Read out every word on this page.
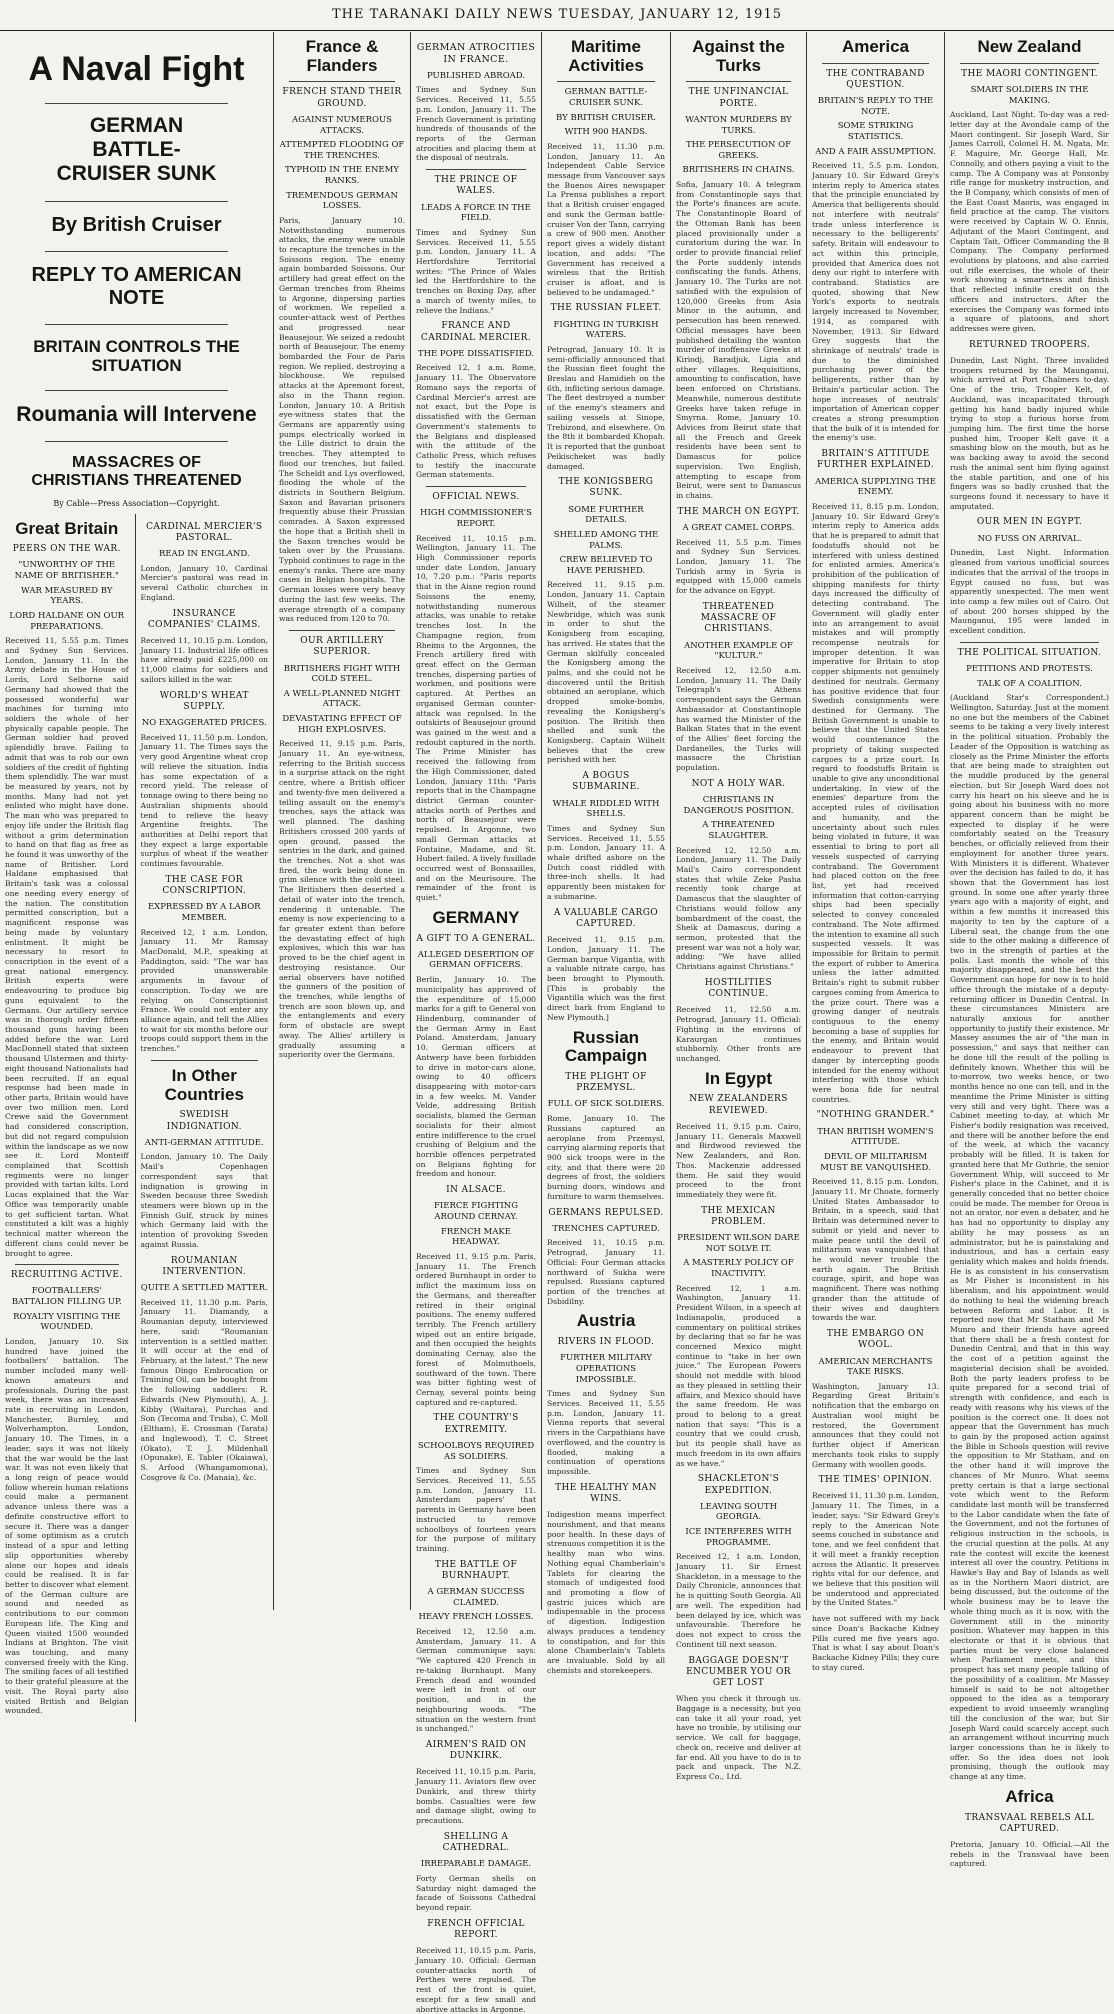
THE TARANAKI DAILY NEWS TUESDAY, JANUARY 12, 1915
A Naval Fight
GERMAN BATTLE-CRUISER SUNK
By British Cruiser
REPLY TO AMERICAN NOTE
BRITAIN CONTROLS THE SITUATION
Roumania will Intervene
MASSACRES OF CHRISTIANS THREATENED
By Cable—Press Association—Copyright.
Great Britain
PEERS ON THE WAR.
"UNWORTHY OF THE NAME OF BRITISHER."
WAR MEASURED BY YEARS.
LORD HALDANE ON OUR PREPARATIONS.

Received 11, 5.55 p.m. Times and Sydney Sun Services. London, January 11. In the Army debate in the House of Lords, Lord Selborne said Germany had showed that the possessed wonderful war machines for turning into soldiers the whole of her physically capable people. The German soldier had proved splendidly brave. Failing to admit that was to rob our own soldiers of the credit of fighting them splendidly. The war must be measured by years, not by months. Many had not yet enlisted who might have done. The man who was prepared to enjoy life under the British flag without a grim determination to hand on that flag as free as he found it was unworthy of the name of Britisher. Lord Haldane emphasised that Britain's task was a colossal one needing every energy of the nation. The constitution permitted conscription, but a magnificent response was being made by voluntary enlistment. It might be necessary to resort to conscription in the event of a great national emergency. British experts were endeavouring to produce big guns equivalent to the Germans. Our artillery service was in thorough order fifteen thousand guns having been added before the war. Lord MacDonnell stated that sixteen thousand Ulstermen and thirty-eight thousand Nationalists had been recruited. If an equal response had been made in other parts, Britain would have over two million men. Lord Crewe said the Government had considered conscription, but did not regard compulsion within the landscape as we now see it. Lord Monteiff complained that Scottish regiments were no longer provided with tartan kilts. Lord Lucas explained that the War Office was temporarily unable to get sufficient tartan. What constituted a kilt was a highly technical matter whereon the different clans could never be brought to agree.

RECRUITING ACTIVE.
FOOTBALLERS' BATTALION FILLING UP.
ROYALTY VISITING THE WOUNDED.

London, January 10. Six hundred have joined the footballers' battalion. The number included many well-known amateurs and professionals. During the past week, there was an increased rate in recruiting in London, Manchester, Burnley, and Wolverhampton. London, January 10. The Times, in a leader, says it was not likely that the war would be the last war. It was not even likely that a long reign of peace would follow wherein human relations could make a permanent advance unless there was a definite constructive effort to secure it. There was a danger of some optimism as a crutch instead of a spur and letting slip opportunities whereby alone our hopes and ideals could be realised. It is far better to discover what element of the German culture are sound and needed as contributions to our common European life. The King and Queen visited 1500 wounded Indians at Brighton. The visit was touching, and many conversed freely with the King. The smiling faces of all testified to their grateful pleasure at the visit. The Royal party also visited British and Belgian wounded.

CARDINAL MERCIER'S PASTORAL.
READ IN ENGLAND.

London, January 10. Cardinal Mercier's pastoral was read in several Catholic churches in England.

INSURANCE COMPANIES' CLAIMS.

Received 11, 10.15 p.m. London, January 11. Industrial life offices have already paid £225,000 on 11,000 claims for soldiers and sailors killed in the war.

WORLD'S WHEAT SUPPLY.
NO EXAGGERATED PRICES.

Received 11, 11.50 p.m. London, January 11. The Times says the very good Argentine wheat crop will relieve the situation. India has some expectation of a record yield. The release of tonnage owing to there being no Australian shipments should tend to relieve the heavy Argentine freights. The authorities at Delhi report that they expect a large exportable surplus of wheat if the weather continues favourable.

THE CASE FOR CONSCRIPTION.
EXPRESSED BY A LABOR MEMBER.

Received 12, 1 a.m. London, January 11. Mr Ramsay MacDonald, M.P., speaking at Paddington, said: "The war has provided unanswerable arguments in favour of conscription. To-day we are relying on Conscriptionist France. We could not enter any alliance again, and tell the Allies to wait for six months before our troops could support them in the trenches."

In Other Countries
SWEDISH INDIGNATION.
ANTI-GERMAN ATTITUDE.

London, January 10. The Daily Mail's Copenhagen correspondent says that indignation is growing in Sweden because three Swedish steamers were blown up in the Finnish Gulf, struck by mines which Germany laid with the intention of provoking Sweden against Russia.

ROUMANIAN INTERVENTION.
QUITE A SETTLED MATTER.

Received 11, 11.30 p.m. Paris, January 11. Diamandy, a Roumanian deputy, interviewed here, said: "Roumanian intervention is a settled matter. It will occur at the end of February, at the latest." The new famous Dingo Embrocation or Training Oil, can be bought from the following saddlers: R. Edwards (New Plymouth), A. J. Kibby (Waitara), Purchas and Son (Tecoma and Truba), C. Moll (Eltham), E. Crossman (Tarata) and Inglewood), T. C. Street (Okato), T. J. Mildenhall (Opunake), E. Tabler (Okaiawa), S. Arfood (Whangamomona), Cosgrove & Co. (Manaia), &c.

France & Flanders
FRENCH STAND THEIR GROUND.
AGAINST NUMEROUS ATTACKS.
ATTEMPTED FLOODING OF THE TRENCHES.
TYPHOID IN THE ENEMY RANKS.
TREMENDOUS GERMAN LOSSES.

Paris, January 10. Notwithstanding numerous attacks, the enemy were unable to recapture the trenches in the Soissons region. The enemy again bombarded Soissons. Our artillery had great effect on the German trenches from Rheims to Argonne, dispersing parties of workmen. We repelled a counter-attack west of Perthes and progressed near Beausejour. We seized a redoubt north of Beausejour. The enemy bombarded the Four de Paris region. We replied, destroying a blockhouse. We repulsed attacks at the Apremont forest, also in the Thann region. London, January 10. A British eye-witness states that the Germans are apparently using pumps electrically worked in the Lille district to drain the trenches. They attempted to flood our trenches, but failed. The Scheldt and Lys overflowed, flooding the whole of the districts in Southern Belgium. Saxon and Bavarian prisoners frequently abuse their Prussian comrades. A Saxon expressed the hope that a British shell in the Saxon trenches would be taken over by the Prussians. Typhoid continues to rage in the enemy's ranks. There are many cases in Belgian hospitals. The German losses were very heavy during the last few weeks. The average strength of a company was reduced from 120 to 70.

OUR ARTILLERY SUPERIOR.
BRITISHERS FIGHT WITH COLD STEEL.
A WELL-PLANNED NIGHT ATTACK.
DEVASTATING EFFECT OF HIGH EXPLOSIVES.

Received 11, 9.15 p.m. Paris, January 11. An eye-witness, referring to the British success in a surprise attack on the right centre, where a British officer and twenty-five men delivered a telling assault on the enemy's trenches, says the attack was well planned. The dashing Britishers crossed 200 yards of open ground, passed the sentries in the dark, and gained the trenches. Not a shot was fired, the work being done in grim silence with the cold steel. The Britishers then deserted a detail of water into the trench, rendering it untenable. The enemy is now experiencing to a far greater extent than before the devastating effect of high explosives, which this war has proved to be the chief agent in destroying resistance. Our aerial observers have notified the gunners of the position of the trenches, while lengths of trench are soon blown up, and the entanglements and every form of obstacle are swept away. The Allies' artillery is gradually assuming a superiority over the Germans.

GERMAN ATROCITIES IN FRANCE.
PUBLISHED ABROAD.

Times and Sydney Sun Services. Received 11, 5.55 p.m. London, January 11. The French Government is printing hundreds of thousands of the reports of the German atrocities and placing them at the disposal of neutrals.

THE PRINCE OF WALES.
LEADS A FORCE IN THE FIELD.

Times and Sydney Sun Services. Received 11, 5.55 p.m. London, January 11. A Hertfordshire Territorial writes: "The Prince of Wales led the Hertfordshire to the trenches on Boxing Day, after a march of twenty miles, to relieve the Indians."

FRANCE AND CARDINAL MERCIER.
THE POPE DISSATISFIED.

Received 12, 1 a.m. Rome, January 11. The Observatore Romano says the reports of Cardinal Mercier's arrest are not exact, but the Pope is dissatisfied with the German Government's statements to the Belgians and displeased with the attitude of the Catholic Press, which refuses to testify the inaccurate German statements.

OFFICIAL NEWS.
HIGH COMMISSIONER'S REPORT.

Received 11, 10.15 p.m. Wellington, January 11. The High Commissioner reports under date London, January 10, 7.20 p.m.: "Paris reports that in the Aisne region round Soissons the enemy, notwithstanding numerous attacks, was unable to retake trenches lost. In the Champagne region, from Rheims to the Argonnes, the French artillery fired with great effect on the German trenches, dispersing parties of workmen, and positions were captured. At Perthes an organised German counter-attack was repulsed. In the outskirts of Beausejour ground was gained in the west and a redoubt captured in the north. The Prime Minister has received the following from the High Commissioner, dated London, January 11th: "Paris reports that in the Champagne district German counter-attacks north of Perthes and north of Beausejour were repulsed. In Argonne, two small German attacks at Fontaine, Madame, and St. Hubert failed. A lively fusillade occurred west of Bonssailles, and on the Meurisoure. The remainder of the front is quiet."

GERMANY
A GIFT TO A GENERAL.
ALLEGED DESERTION OF GERMAN OFFICERS.

Berlin, January 10. The municipality has approved of the expenditure of 15,000 marks for a gift to General von Hindenburg, commander of the German Army in East Poland. Amsterdam, January 10. German officers at Antwerp have been forbidden to drive in motor-cars alone, owing to 40 officers disappearing with motor-cars in a few weeks. M. Vander Velde, addressing British socialists, blamed the German socialists for their almost entire indifference to the cruel crushing of Belgium and the horrible offences perpetrated on Belgians fighting for freedom and honour.

IN ALSACE.
FIERCE FIGHTING AROUND CERNAY.
FRENCH MAKE HEADWAY.

Received 11, 9.15 p.m. Paris, January 11. The French ordered Burnhaupt in order to inflict the maximum loss on the Germans, and thereafter retired in their original positions. The enemy suffered terribly. The French artillery wiped out an entire brigade, and then occupied the heights dominating Cernay, also the forest of Molmuthoels, southward of the town. There was bitter fighting west of Cernay, several points being captured and re-captured.

THE COUNTRY'S EXTREMITY.
SCHOOLBOYS REQUIRED AS SOLDIERS.

Times and Sydney Sun Services. Received 11, 5.55 p.m. London, January 11. Amsterdam papers' that parents in Germany have been instructed to remove schoolboys of fourteen years for the purpose of military training.

THE BATTLE OF BURNHAUPT.
A GERMAN SUCCESS CLAIMED.
HEAVY FRENCH LOSSES.

Received 12, 12.50 a.m. Amsterdam, January 11. A German communique says: "We captured 420 French in re-taking Burnhaupt. Many French dead and wounded were left in front of our position, and in the neighbouring woods. "The situation on the western front is unchanged."

AIRMEN'S RAID ON DUNKIRK.

Received 11, 10.15 p.m. Paris, January 11. Aviators flew over Dunkirk, and threw thirty bombs. Casualties were few and damage slight, owing to precautions.

SHELLING A CATHEDRAL.
IRREPARABLE DAMAGE.

Forty German shells on Saturday night damaged the facade of Soissons Cathedral beyond repair.

FRENCH OFFICIAL REPORT.

Received 11, 10.15 p.m. Paris, January 10. Official: German counter-attacks north of Perthes were repulsed. The rest of the front is quiet, except for a few small and abortive attacks in Argonne.

Maritime Activities
GERMAN BATTLE-CRUISER SUNK.
BY BRITISH CRUISER.
WITH 900 HANDS.

Received 11, 11.30 p.m. London, January 11. An Independent Cable Service message from Vancouver says the Buenos Aires newspaper La Prensa publishes a report that a British cruiser engaged and sunk the German battle-cruiser Von der Tann, carrying a crew of 900 men. Another report gives a widely distant location, and adds: "The Government has received a wireless that the British cruiser is afloat, and is believed to be undamaged."

THE RUSSIAN FLEET.
FIGHTING IN TURKISH WATERS.

Petrograd, January 10. It is semi-officially announced that the Russian fleet fought the Breslau and Hamidieh on the 6th, inflicting serious damage. The fleet destroyed a number of the enemy's steamers and sailing vessels at Sinope, Trebizond, and elsewhere. On the 8th it bombarded Khopah. It is reported that the gunboat Peikischeket was badly damaged.

THE KONIGSBERG SUNK.
SOME FURTHER DETAILS.
SHELLED AMONG THE PALMS.
CREW BELIEVED TO HAVE PERISHED.

Received 11, 9.15 p.m. London, January 11. Captain Wilhelt, of the steamer Newbridge, which was sunk in order to shut the Konigsberg from escaping, has arrived. He states that the German skilfully concealed the Konigsberg among the palms, and she could not be discovered until the British obtained an aeroplane, which dropped smoke-bombs, revealing the Konigsberg's position. The British then shelled and sunk the Konigsberg. Captain Wilhelt believes that the crew perished with her.

A BOGUS SUBMARINE.
WHALE RIDDLED WITH SHELLS.

Times and Sydney Sun Services. Received 11, 5.55 p.m. London, January 11. A whale drifted ashore on the Dutch coast riddled with three-inch shells. It had apparently been mistaken for a submarine.

A VALUABLE CARGO CAPTURED.

Received 11, 9.15 p.m. London, January 11. The German barque Vigantia, with a valuable nitrate cargo, has been brought to Plymouth. [This is probably the Vigantilla which was the first direct bark from England to New Plymouth.]

Russian Campaign
THE PLIGHT OF PRZEMYSL.
FULL OF SICK SOLDIERS.

Rome, January 10. The Russians captured an aeroplane from Przemysl, carrying alarming reports that 900 sick troops were in the city, and that there were 20 degrees of frost, the soldiers burning doors, windows and furniture to warm themselves.

GERMANS REPULSED.
TRENCHES CAPTURED.

Received 11, 10.15 p.m. Petrograd, January 11. Official: Four German attacks northward of Sukha were repulsed. Russians captured portion of the trenches at Dsbidilny.

Austria
RIVERS IN FLOOD.
FURTHER MILITARY OPERATIONS IMPOSSIBLE.

Times and Sydney Sun Services. Received 11, 5.55 p.m. London, January 11. Vienna reports that several rivers in the Carpathians have overflowed, and the country is flooded, making a continuation of operations impossible.

THE HEALTHY MAN WINS.

Indigestion means imperfect nourishment, and that means poor health. In these days of strenuous competition it is the healthy man who wins. Nothing equal Chamberlain's Tablets for clearing the stomach of undigested food and promoting a flow of gastric juices which are indispensable in the process of digestion. Indigestion always produces a tendency to constipation, and for this alone Chamberlain's Tablets are invaluable. Sold by all chemists and storekeepers.

Against the Turks
THE UNFINANCIAL PORTE.
WANTON MURDERS BY TURKS.
THE PERSECUTION OF GREEKS.
BRITISHERS IN CHAINS.

Sofia, January 10. A telegram from Constantinople says that the Porte's finances are acute. The Constantinople Board of the Ottoman Bank has been placed provisionally under a curatorium during the war. In order to provide financial relief the Porte suddenly intends confiscating the funds. Athens, January 10. The Turks are not satisfied with the expulsion of 120,000 Greeks from Asia Minor in the autumn, and persecution has been renewed. Official messages have been published detailing the wanton murder of inoffensive Greeks at Kiriodj, Baradjuk, Ligia and other villages. Requisitions, amounting to confiscation, have been enforced on Christians. Meanwhile, numerous destitute Greeks have taken refuge in Smyrna. Rome, January 10. Advices from Beirut state that all the French and Greek residents have been sent to Damascus for police supervision. Two English, attempting to escape from Beirut, were sent to Damascus in chains.

THE MARCH ON EGYPT.
A GREAT CAMEL CORPS.

Received 11, 5.5 p.m. Times and Sydney Sun Services. London, January 11. The Turkish army in Syria is equipped with 15,000 camels for the advance on Egypt.

THREATENED MASSACRE OF CHRISTIANS.
ANOTHER EXAMPLE OF "KULTUR."

Received 12, 12.50 a.m. London, January 11. The Daily Telegraph's Athens correspondent says the German Ambassador at Constantinople has warned the Minister of the Balkan States that in the event of the Allies' fleet forcing the Dardanelles, the Turks will massacre the Christian population.

NOT A HOLY WAR.
CHRISTIANS IN DANGEROUS POSITION.
A THREATENED SLAUGHTER.

Received 12, 12.50 a.m. London, January 11. The Daily Mail's Cairo correspondent states that while Zeke Pasha recently took charge at Damascus that the slaughter of Christians would follow any bombardment of the coast, the Sheik at Damascus, during a sermon, protested that the present war was not a holy war, adding: "We have allied Christians against Christians."

HOSTILITIES CONTINUE.

Received 11, 12.50 a.m. Petrograd, January 11. Official: Fighting in the environs of Karaurgan continues stubbornly. Other fronts are unchanged.

In Egypt
NEW ZEALANDERS REVIEWED.

Received 11, 9.15 p.m. Cairo, January 11. Generals Maxwell and Birdwood reviewed the New Zealanders, and Ron. Thos. Mackenzie addressed them. He said they would proceed to the front immediately they were fit.

THE MEXICAN PROBLEM.
PRESIDENT WILSON DARE NOT SOLVE IT.
A MASTERLY POLICY OF INACTIVITY.

Received 12, 1 a.m. Washington, January 11. President Wilson, in a speech at Indianapolis, produced a commentary on political strikes by declaring that so far he was concerned Mexico might continue to "take in her own juice." The European Powers should not meddle with blood as they pleased in settling their affairs, and Mexico should have the same freedom. He was proud to belong to a great nation that says: "This is a country that we could crush, but its people shall have as much freedom in its own affairs as we have."

SHACKLETON'S EXPEDITION.
LEAVING SOUTH GEORGIA.
ICE INTERFERES WITH PROGRAMME.

Received 12, 1 a.m. London, January 11. Sir Ernest Shackleton, in a message to the Daily Chronicle, announces that he is quitting South Georgia. All are well. The expedition had been delayed by ice, which was unfavourable. Therefore he does not expect to cross the Continent till next season.

BAGGAGE DOESN'T ENCUMBER YOU OR GET LOST

When you check it through us. Baggage is a necessity, but you can take it all your road, yet have no trouble, by utilising our service. We call for baggage, check on, receive and deliver at far end. All you have to do is to pack and unpack. The N.Z. Express Co., Ltd.

America
THE CONTRABAND QUESTION.
BRITAIN'S REPLY TO THE NOTE.
SOME STRIKING STATISTICS.
AND A FAIR ASSUMPTION.

Received 11, 5.5 p.m. London, January 10. Sir Edward Grey's interim reply to America states that the principle enunciated by America that belligerents should not interfere with neutrals' trade unless interference is necessary to the belligerents' safety. Britain will endeavour to act within this principle, provided that America does not deny our right to interfere with contraband. Statistics are quoted, showing that New York's exports to neutrals largely increased to November, 1914, as compared with November, 1913. Sir Edward Grey suggests that the shrinkage of neutrals' trade is due to the diminished purchasing power of the belligerents, rather than by Britain's particular action. The hope increases of neutrals' importation of American copper creates a strong presumption that the bulk of it is intended for the enemy's use.

BRITAIN'S ATTITUDE FURTHER EXPLAINED.
AMERICA SUPPLYING THE ENEMY.

Received 11, 8.15 p.m. London, January 10. Sir Edward Grey's interim reply to America adds that he is prepared to admit that foodstuffs should not be interfered with unless destined for enlisted armies. America's prohibition of the publication of shipping manifests for thirty days increased the difficulty of detecting contraband. The Government will gladly enter into an arrangement to avoid mistakes and will promptly recompense neutrals for improper detention. It was imperative for Britain to stop copper shipments not genuinely destined for neutrals. Germany has positive evidence that four Swedish consignments were destined for Germany. The British Government is unable to believe that the United States would countenance the propriety of taking suspected cargoes to a prize court. In regard to foodstuffs Britain is unable to give any unconditional undertaking. In view of the enemies' departure from the accepted rules of civilisation and humanity, and the uncertainty about such rules being violated in future, it was essential to bring to port all vessels suspected of carrying contraband. The Government had placed cotton on the free list, yet had received information that cotton-carrying ships had been specially selected to convey concealed contraband. The Note affirmed the intention to examine all such suspected vessels. It was impossible for Britain to permit the export of rubber to America unless the latter admitted Britain's right to submit rubber cargoes coming from America to the prize court. There was a growing danger of neutrals contiguous to the enemy becoming a base of supplies for the enemy, and Britain would endeavour to prevent that danger by intercepting goods intended for the enemy without interfering with those which were bona fide for neutral countries.

"NOTHING GRANDER."
THAN BRITISH WOMEN'S ATTITUDE.
DEVIL OF MILITARISM MUST BE VANQUISHED.

Received 11, 8.15 p.m. London, January 11. Mr Choate, formerly United States Ambassador to Britain, in a speech, said that Britain was determined never to submit or yield and never to make peace until the devil of militarism was vanquished that he would never trouble the earth again. The British courage, spirit, and hope was magnificent. There was nothing grander than the attitude of their wives and daughters towards the war.

THE EMBARGO ON WOOL.
AMERICAN MERCHANTS TAKE RISKS.

Washington, January 13. Regarding Great Britain's notification that the embargo on Australian wool might be restored, the Government announces that they could not further object if American merchants took risks to supply Germany with woollen goods.

THE TIMES' OPINION.

Received 11, 11.30 p.m. London, January 11. The Times, in a leader, says: "Sir Edward Grey's reply to the American Note seems couched in substance and tone, and we feel confident that it will meet a frankly reception across the Atlantic. It preserves rights vital for our defence, and we believe that this position will be understood and appreciated by the United States."

have not suffered with my back since Doan's Backache Kidney Pills cured me five years ago. That is what I say about Doan's Backache Kidney Pills; they cure to stay cured.

New Zealand
THE MAORI CONTINGENT.
SMART SOLDIERS IN THE MAKING.

Auckland, Last Night. To-day was a red-letter day at the Avondale camp of the Maori contingent. Sir Joseph Ward, Sir James Carroll, Colonel H. M. Ngata, Mr. F. Maguire, Mr. George Hall, Mr. Connolly, and others paying a visit to the camp. The A Company was at Ponsonby rifle range for musketry instruction, and the B Company, which consists of men of the East Coast Maoris, was engaged in field practice at the camp. The visitors were received by Captain W. O. Ennis, Adjutant of the Maori Contingent, and Captain Tait, Officer Commanding the B Company. The Company performed evolutions by platoons, and also carried out rifle exercises, the whole of their work showing a smartness and finish that reflected infinite credit on the officers and instructors. After the exercises the Company was formed into a square of platoons, and short addresses were given.

RETURNED TROOPERS.

Dunedin, Last Night. Three invalided troopers returned by the Maunganui, which arrived at Port Chalmers to-day. One of the trio, Trooper Kelt, of Auckland, was incapacitated through getting his hand badly injured while trying to stop a furious horse from jumping him. The first time the horse pushed him, Trooper Kelt gave it a smashing blow on the mouth, but as he was backing away to avoid the second rush the animal sent him flying against the stable partition, and one of his fingers was so badly crushed that the surgeons found it necessary to have it amputated.

OUR MEN IN EGYPT.
NO FUSS ON ARRIVAL.

Dunedin, Last Night. Information gleaned from various unofficial sources indicates that the arrival of the troops in Egypt caused no fuss, but was apparently unexpected. The men went into camp a few miles out of Cairo. Out of about 200 horses shipped by the Maunganui, 195 were landed in excellent condition.

THE POLITICAL SITUATION.
PETITIONS AND PROTESTS.
TALK OF A COALITION.

(Auckland Star's Correspondent.) Wellington, Saturday. Just at the moment no one but the members of the Cabinet seems to be taking a very lively interest in the political situation. Probably the Leader of the Opposition is watching as closely as the Prime Minister the efforts that are being made to straighten out the muddle produced by the general election, but Sir Joseph Ward does not carry his heart on his sleeve and he is going about his business with no more apparent concern than he might be expected to display if he were comfortably seated on the Treasury benches, or officially relieved from their employment for another three years. With Ministers it is different. Whatever over the decision has failed to do, it has shown that the Government has lost ground. In some one after yearly three years ago with a majority of eight, and within a few months it increased this majority to ten by the capture of a Liberal seat, the change from the one side to the other making a difference of two in the strength of parties at the polls. Last month the whole of this majority disappeared, and the best the Government can hope for now is to hold office through the mistake of a deputy-returning officer in Dunedin Central. In these circumstances Ministers are naturally anxious for another opportunity to justify their existence. Mr Massey assumes the air of "the man in possession," and says that neither can he done till the result of the polling is definitely known. Whether this will be to-morrow, two weeks hence, or two months hence no one can tell, and in the meantime the Prime Minister is sitting very still and very tight. There was a Cabinet meeting to-day, at which Mr Fisher's bodily resignation was received, and there will be another before the end of the week, at which the vacancy probably will be filled. It is taken for granted here that Mr Guthrie, the senior Government Whip, will succeed to Mr Fisher's place in the Cabinet, and it is generally conceded that no better choice could be made. The member for Oroua is not an orator, nor even a debater, and he has had no opportunity to display any ability he may possess as an administrator, but he is painstaking and industrious, and has a certain easy geniality which makes and holds friends. He is as consistent in his conservatism as Mr Fisher is inconsistent in his liberalism, and his appointment would do nothing to heal the widening breach between Reform and Labor. It is reported now that Mr Statham and Mr Munro and their friends have agreed that there shall be a fresh contest for Dunedin Central, and that in this way the cost of a petition against the magisterial decision shall be avoided. Both the party leaders profess to be quite prepared for a second trial of strength with confidence, and each is ready with reasons why his views of the position is the correct one. It does not appear that the Government has much to gain by the proposed action against the Bible in Schools question will revive the opposition to Mr Statham, and on the other hand it will improve the chances of Mr Munro. What seems pretty certain is that a large sectional vote which went to the Reform candidate last month will be transferred to the Labor candidate when the fate of the Government, and not the fortunes of religious instruction in the schools, is the crucial question at the polls. At any rate the contest will excite the keenest interest all over the country. Petitions in Hawke's Bay and Bay of Islands as well as in the Northern Maori district, are being discussed, but the outcome of the whole business may be to leave the whole thing much as it is now, with the Government still in the minority position. Whatever may happen in this electorate or that it is obvious that parties must be very close balanced when Parliament meets, and this prospect has set many people talking of the possibility of a coalition. Mr Massey himself is said to be not altogether opposed to the idea as a temporary expedient to avoid unseemly wrangling till the conclusion of the war, but Sir Joseph Ward could scarcely accept such an arrangement without incurring much larger concessions than he is likely to offer. So the idea does not look promising, though the outlook may change at any time.

Africa
TRANSVAAL REBELS ALL CAPTURED.

Pretoria, January 10. Official.—All the rebels in the Transvaal have been captured.
